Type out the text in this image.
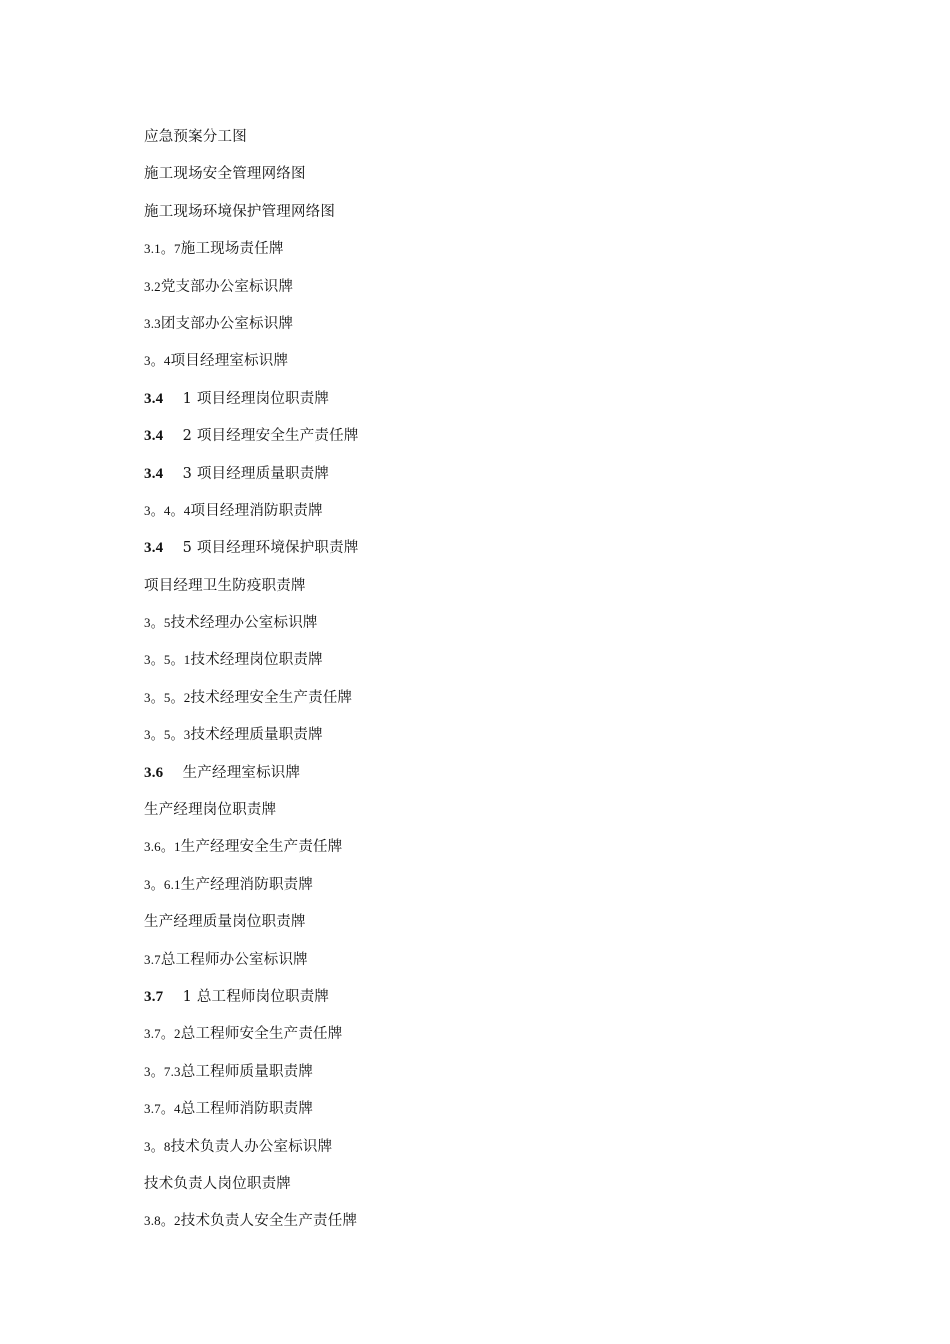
应急预案分工图
施工现场安全管理网络图
施工现场环境保护管理网络图
3.1。7施工现场责任牌
3.2党支部办公室标识牌
3.3团支部办公室标识牌
3。4项目经理室标识牌
3.4    1 项目经理岗位职责牌
3.4    2 项目经理安全生产责任牌
3.4    3 项目经理质量职责牌
3。4。4项目经理消防职责牌
3.4    5 项目经理环境保护职责牌
项目经理卫生防疫职责牌
3。5技术经理办公室标识牌
3。5。1技术经理岗位职责牌
3。5。2技术经理安全生产责任牌
3。5。3技术经理质量职责牌
3.6    生产经理室标识牌
生产经理岗位职责牌
3.6。1生产经理安全生产责任牌
3。6.1生产经理消防职责牌
生产经理质量岗位职责牌
3.7总工程师办公室标识牌
3.7    1 总工程师岗位职责牌
3.7。2总工程师安全生产责任牌
3。7.3总工程师质量职责牌
3.7。4总工程师消防职责牌
3。8技术负责人办公室标识牌
技术负责人岗位职责牌
3.8。2技术负责人安全生产责任牌
